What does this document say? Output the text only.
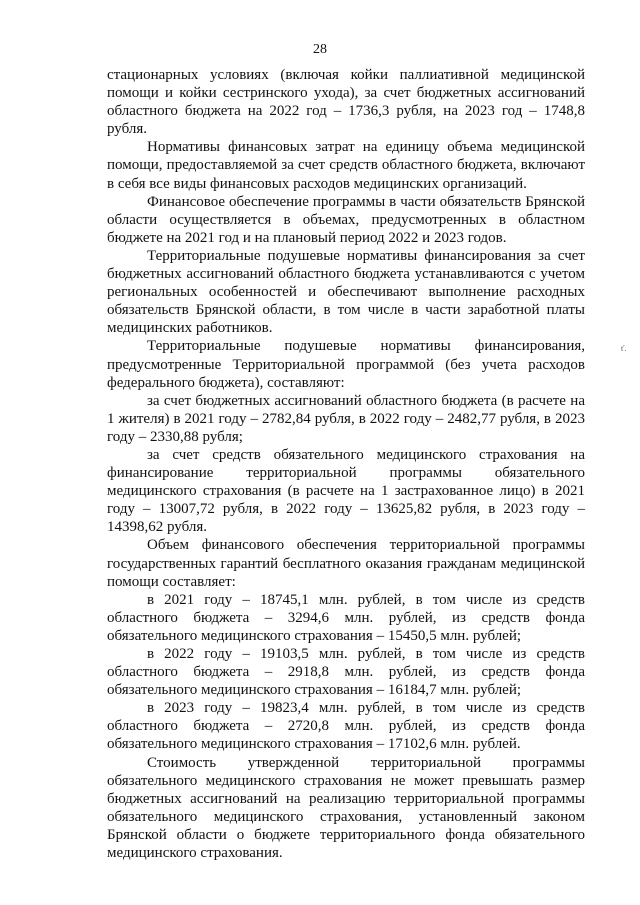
28
ť.

стационарных условиях (включая койки паллиативной медицинской помощи и койки сестринского ухода), за счет бюджетных ассигнований областного бюджета на 2022 год – 1736,3 рубля, на 2023 год – 1748,8 рубля.

Нормативы финансовых затрат на единицу объема медицинской помощи, предоставляемой за счет средств областного бюджета, включают в себя все виды финансовых расходов медицинских организаций.

Финансовое обеспечение программы в части обязательств Брянской области осуществляется в объемах, предусмотренных в областном бюджете на 2021 год и на плановый период 2022 и 2023 годов.

Территориальные подушевые нормативы финансирования за счет бюджетных ассигнований областного бюджета устанавливаются с учетом региональных особенностей и обеспечивают выполнение расходных обязательств Брянской области, в том числе в части заработной платы медицинских работников.

Территориальные подушевые нормативы финансирования, предусмотренные Территориальной программой (без учета расходов федерального бюджета), составляют:

за счет бюджетных ассигнований областного бюджета (в расчете на 1 жителя) в 2021 году – 2782,84 рубля, в 2022 году – 2482,77 рубля, в 2023 году – 2330,88 рубля;

за счет средств обязательного медицинского страхования на финансирование территориальной программы обязательного медицинского страхования (в расчете на 1 застрахованное лицо) в 2021 году – 13007,72 рубля, в 2022 году – 13625,82 рубля, в 2023 году – 14398,62 рубля.

Объем финансового обеспечения территориальной программы государственных гарантий бесплатного оказания гражданам медицинской помощи составляет:

в 2021 году – 18745,1 млн. рублей, в том числе из средств областного бюджета – 3294,6 млн. рублей, из средств фонда обязательного медицинского страхования – 15450,5 млн. рублей;

в 2022 году – 19103,5 млн. рублей, в том числе из средств областного бюджета – 2918,8 млн. рублей, из средств фонда обязательного медицинского страхования – 16184,7 млн. рублей;

в 2023 году – 19823,4 млн. рублей, в том числе из средств областного бюджета – 2720,8 млн. рублей, из средств фонда обязательного медицинского страхования – 17102,6 млн. рублей.

Стоимость утвержденной территориальной программы обязательного медицинского страхования не может превышать размер бюджетных ассигнований на реализацию территориальной программы обязательного медицинского страхования, установленный законом Брянской области о бюджете территориального фонда обязательного медицинского страхования.
